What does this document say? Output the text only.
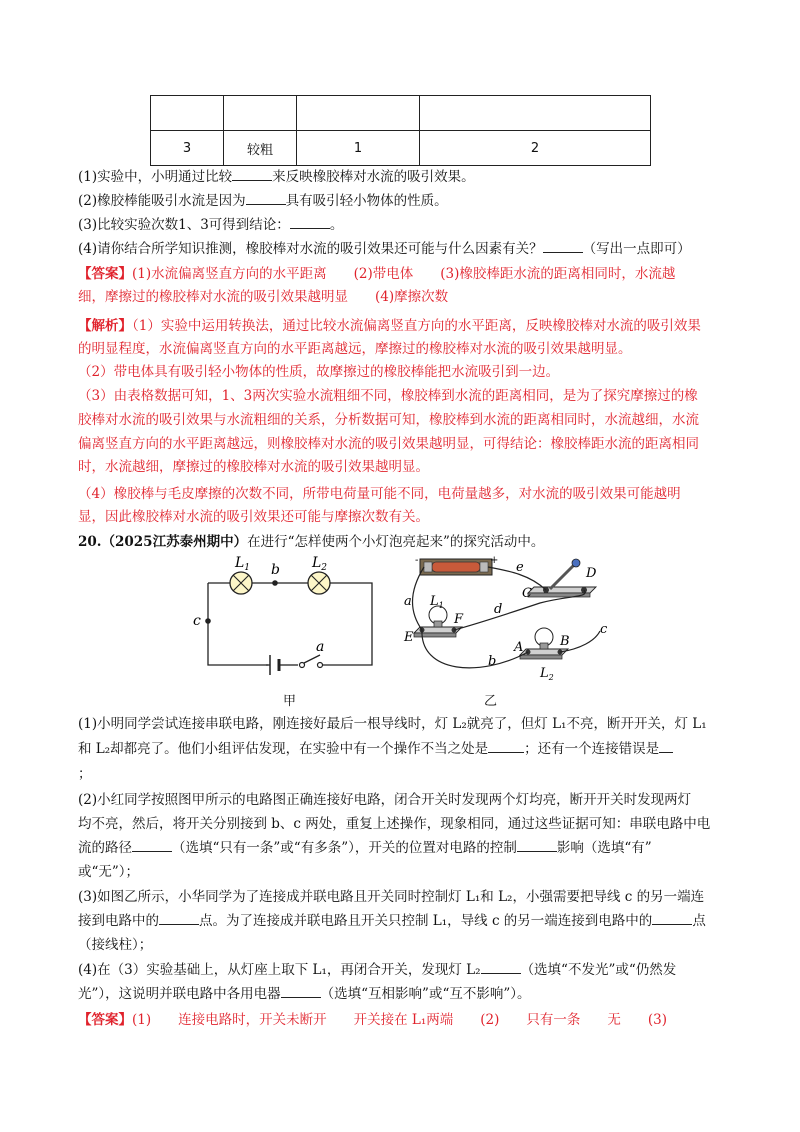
3	较粗	1	2
(1)实验中，小明通过比较	来反映橡胶棒对水流的吸引效果。
(2)橡胶棒能吸引水流是因为	具有吸引轻小物体的性质。
(3)比较实验次数1、3可得到结论：	。
(4)请你结合所学知识推测，橡胶棒对水流的吸引效果还可能与什么因素有关？	（写出一点即可）
【答案】(1)水流偏离竖直方向的水平距离　　(2)带电体　　(3)橡胶棒距水流的距离相同时，水流越
细，摩擦过的橡胶棒对水流的吸引效果越明显　　(4)摩擦次数
【解析】（1）实验中运用转换法，通过比较水流偏离竖直方向的水平距离，反映橡胶棒对水流的吸引效果
的明显程度，水流偏离竖直方向的水平距离越远，摩擦过的橡胶棒对水流的吸引效果越明显。
（2）带电体具有吸引轻小物体的性质，故摩擦过的橡胶棒能把水流吸引到一边。
（3）由表格数据可知，1、3两次实验水流粗细不同，橡胶棒到水流的距离相同，是为了探究摩擦过的橡
胶棒对水流的吸引效果与水流粗细的关系，分析数据可知，橡胶棒到水流的距离相同时，水流越细，水流
偏离竖直方向的水平距离越远，则橡胶棒对水流的吸引效果越明显，可得结论：橡胶棒距水流的距离相同
时，水流越细，摩擦过的橡胶棒对水流的吸引效果越明显。
（4）橡胶棒与毛皮摩擦的次数不同，所带电荷量可能不同，电荷量越多，对水流的吸引效果可能越明
显，因此橡胶棒对水流的吸引效果还可能与摩擦次数有关。
20.（2025江苏泰州期中）在进行“怎样使两个小灯泡亮起来”的探究活动中。
$L_1$	$L_2$
b
c
a
甲
-	+
a
e
d
b
c
C
D
E
F
A	B
$L_1$
$L_2$
乙
(1)小明同学尝试连接串联电路，刚连接好最后一根导线时，灯 L₂就亮了，但灯 L₁不亮，断开开关，灯 L₁
和 L₂却都亮了。他们小组评估发现，在实验中有一个操作不当之处是	；还有一个连接错误是
；
(2)小红同学按照图甲所示的电路图正确连接好电路，闭合开关时发现两个灯均亮，断开开关时发现两灯
均不亮，然后，将开关分别接到 b、c 两处，重复上述操作，现象相同，通过这些证据可知：串联电路中电
流的路径	（选填“只有一条”或“有多条”），开关的位置对电路的控制	影响（选填“有”
或“无”）；
(3)如图乙所示，小华同学为了连接成并联电路且开关同时控制灯 L₁和 L₂，小强需要把导线 c 的另一端连
接到电路中的	点。为了连接成并联电路且开关只控制 L₁，导线 c 的另一端连接到电路中的	点
（接线柱）；
(4)在（3）实验基础上，从灯座上取下 L₁，再闭合开关，发现灯 L₂	（选填“不发光”或“仍然发
光”），这说明并联电路中各用电器	（选填“互相影响”或“互不影响”）。
【答案】(1)　　连接电路时，开关未断开　　开关接在 L₁两端　　(2)　　只有一条　　无　　(3)
